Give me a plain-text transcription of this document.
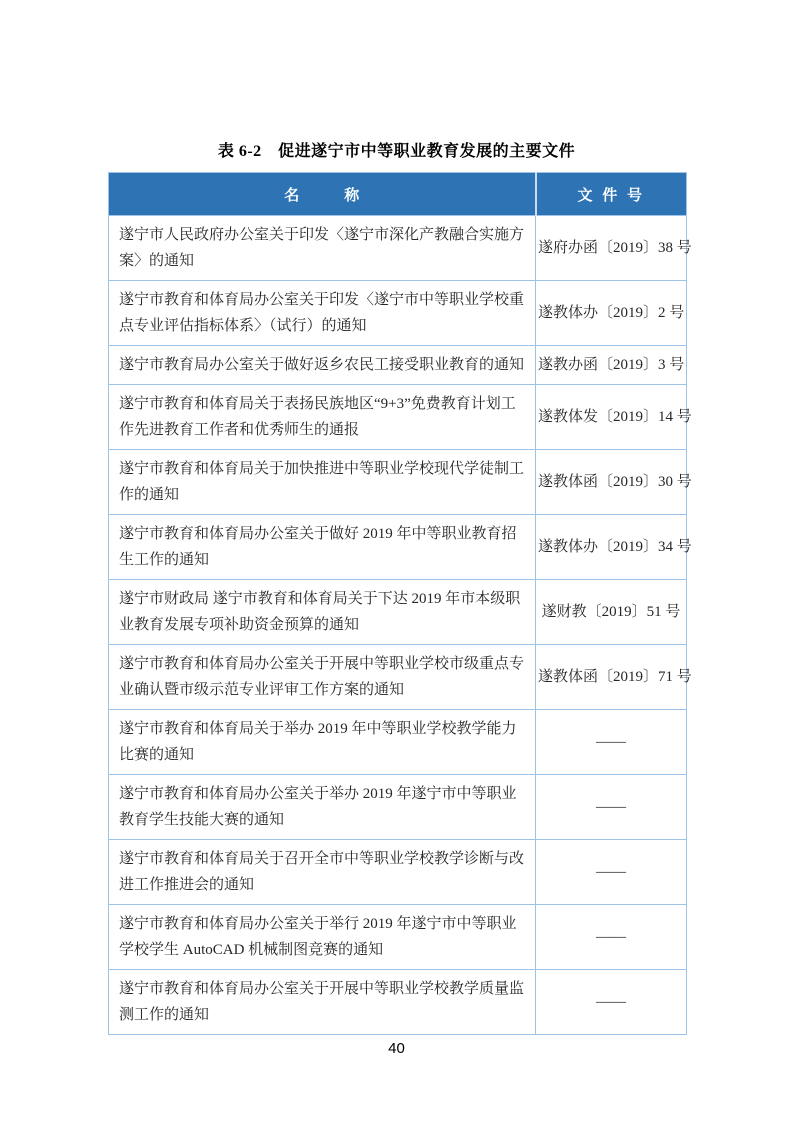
表 6-2　促进遂宁市中等职业教育发展的主要文件
名　　　称	文 件 号
遂宁市人民政府办公室关于印发〈遂宁市深化产教融合实施方案〉的通知	遂府办函〔2019〕38 号
遂宁市教育和体育局办公室关于印发〈遂宁市中等职业学校重点专业评估指标体系〉（试行）的通知	遂教体办〔2019〕2 号
遂宁市教育局办公室关于做好返乡农民工接受职业教育的通知	遂教办函〔2019〕3 号
遂宁市教育和体育局关于表扬民族地区“9+3”免费教育计划工作先进教育工作者和优秀师生的通报	遂教体发〔2019〕14 号
遂宁市教育和体育局关于加快推进中等职业学校现代学徒制工作的通知	遂教体函〔2019〕30 号
遂宁市教育和体育局办公室关于做好 2019 年中等职业教育招生工作的通知	遂教体办〔2019〕34 号
遂宁市财政局 遂宁市教育和体育局关于下达 2019 年市本级职业教育发展专项补助资金预算的通知	遂财教〔2019〕51 号
遂宁市教育和体育局办公室关于开展中等职业学校市级重点专业确认暨市级示范专业评审工作方案的通知	遂教体函〔2019〕71 号
遂宁市教育和体育局关于举办 2019 年中等职业学校教学能力比赛的通知	——
遂宁市教育和体育局办公室关于举办 2019 年遂宁市中等职业教育学生技能大赛的通知	——
遂宁市教育和体育局关于召开全市中等职业学校教学诊断与改进工作推进会的通知	——
遂宁市教育和体育局办公室关于举行 2019 年遂宁市中等职业学校学生 AutoCAD 机械制图竞赛的通知	——
遂宁市教育和体育局办公室关于开展中等职业学校教学质量监测工作的通知	——
40
